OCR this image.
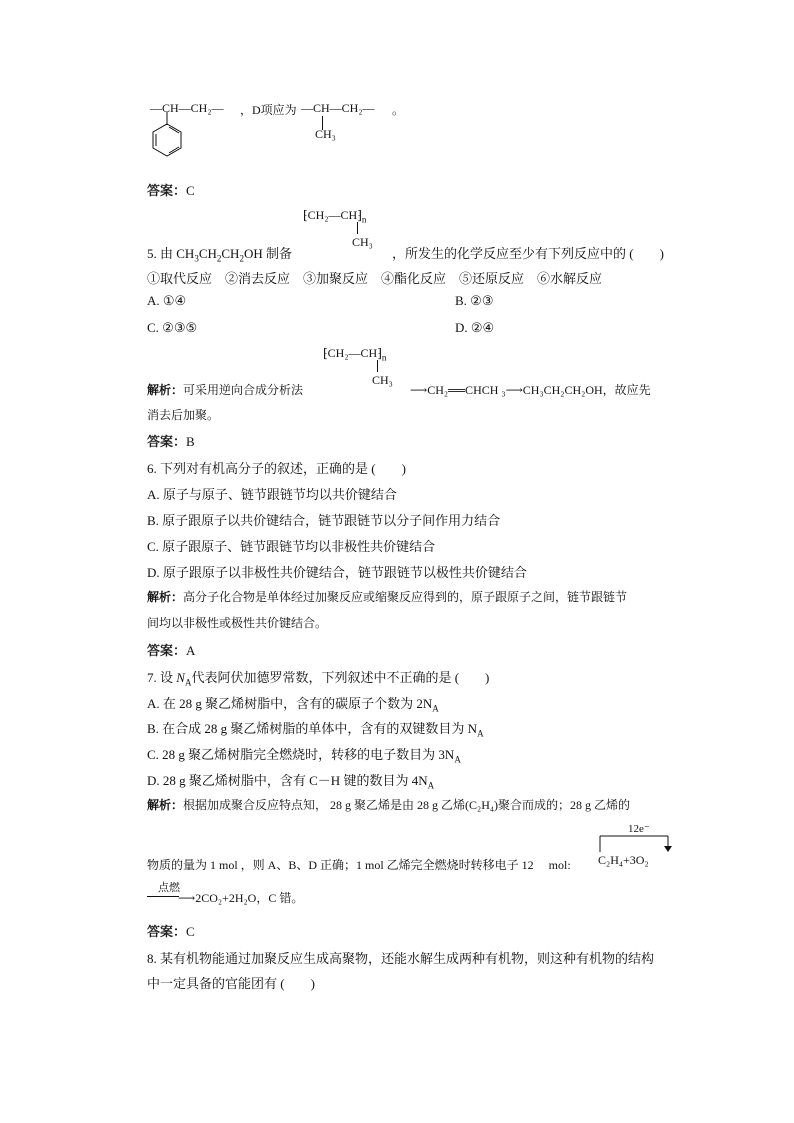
—CH—CH₂— ，D项应为 —CH—CH₂—
CH₃
。
答案：C
$⁅CH_2—CH⁆_n$
CH₃
5. 由 $CH_3CH_2CH_2OH$ 制备	，所发生的化学反应至少有下列反应中的 (　　)
①取代反应　②消去反应　③加聚反应　④酯化反应　⑤还原反应　⑥水解反应
A. ①④	B. ②③
C. ②③⑤	D. ②④
$⁅CH_2—CH⁆_n$
CH₃
解析：可采用逆向合成分析法	⟶CH₂══CHCH ₃⟶CH₃CH₂CH₂OH，故应先
消去后加聚。
答案：B
6. 下列对有机高分子的叙述，正确的是 (　　)
A. 原子与原子、链节跟链节均以共价键结合
B. 原子跟原子以共价键结合，链节跟链节以分子间作用力结合
C. 原子跟原子、链节跟链节均以非极性共价键结合
D. 原子跟原子以非极性共价键结合，链节跟链节以极性共价键结合
解析：高分子化合物是单体经过加聚反应或缩聚反应得到的，原子跟原子之间，链节跟链节
间均以非极性或极性共价键结合。
答案：A
7. 设 $N_A$代表阿伏加德罗常数，下列叙述中不正确的是 (　　)
A. 在 28 g 聚乙烯树脂中，含有的碳原子个数为 $2N_A$
B. 在合成 28 g 聚乙烯树脂的单体中，含有的双键数目为 $N_A$
C. 28 g 聚乙烯树脂完全燃烧时，转移的电子数目为 $3N_A$
D. 28 g 聚乙烯树脂中，含有 C－H 键的数目为 $4N_A$
解析：根据加成聚合反应特点知， 28 g 聚乙烯是由 28 g 乙烯(C₂H₄)聚合而成的；28 g 乙烯的
12e⁻
物质的量为 1 mol ，则 A、B、D 正确；1 mol 乙烯完全燃烧时转移电子 12　 mol: C₂H₄+3O₂
点燃
⟶2CO₂+2H₂O，C 错。
答案：C
8. 某有机物能通过加聚反应生成高聚物，还能水解生成两种有机物，则这种有机物的结构
中一定具备的官能团有 (　　)
